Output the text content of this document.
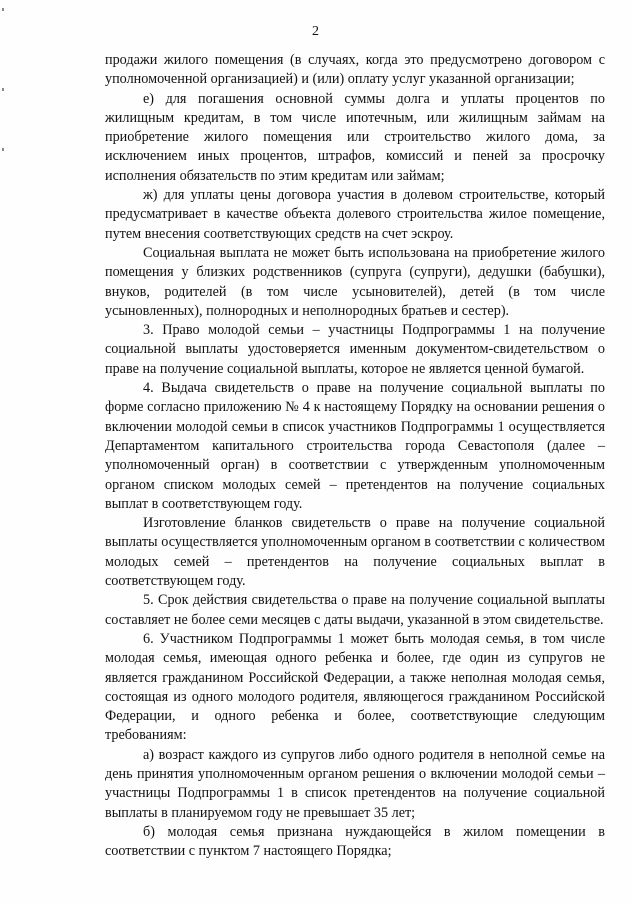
2

продажи жилого помещения (в случаях, когда это предусмотрено договором с уполномоченной организацией) и (или) оплату услуг указанной организации;

е) для погашения основной суммы долга и уплаты процентов по жилищным кредитам, в том числе ипотечным, или жилищным займам на приобретение жилого помещения или строительство жилого дома, за исключением иных процентов, штрафов, комиссий и пеней за просрочку исполнения обязательств по этим кредитам или займам;

ж) для уплаты цены договора участия в долевом строительстве, который предусматривает в качестве объекта долевого строительства жилое помещение, путем внесения соответствующих средств на счет эскроу.

Социальная выплата не может быть использована на приобретение жилого помещения у близких родственников (супруга (супруги), дедушки (бабушки), внуков, родителей (в том числе усыновителей), детей (в том числе усыновленных), полнородных и неполнородных братьев и сестер).

3. Право молодой семьи – участницы Подпрограммы 1 на получение социальной выплаты удостоверяется именным документом-свидетельством о праве на получение социальной выплаты, которое не является ценной бумагой.

4. Выдача свидетельств о праве на получение социальной выплаты по форме согласно приложению № 4 к настоящему Порядку на основании решения о включении молодой семьи в список участников Подпрограммы 1 осуществляется Департаментом капитального строительства города Севастополя (далее – уполномоченный орган) в соответствии с утвержденным уполномоченным органом списком молодых семей – претендентов на получение социальных выплат в соответствующем году.

Изготовление бланков свидетельств о праве на получение социальной выплаты осуществляется уполномоченным органом в соответствии с количеством молодых семей – претендентов на получение социальных выплат в соответствующем году.

5. Срок действия свидетельства о праве на получение социальной выплаты составляет не более семи месяцев с даты выдачи, указанной в этом свидетельстве.

6. Участником Подпрограммы 1 может быть молодая семья, в том числе молодая семья, имеющая одного ребенка и более, где один из супругов не является гражданином Российской Федерации, а также неполная молодая семья, состоящая из одного молодого родителя, являющегося гражданином Российской Федерации, и одного ребенка и более, соответствующие следующим требованиям:

а) возраст каждого из супругов либо одного родителя в неполной семье на день принятия уполномоченным органом решения о включении молодой семьи – участницы Подпрограммы 1 в список претендентов на получение социальной выплаты в планируемом году не превышает 35 лет;

б) молодая семья признана нуждающейся в жилом помещении в соответствии с пунктом 7 настоящего Порядка;
